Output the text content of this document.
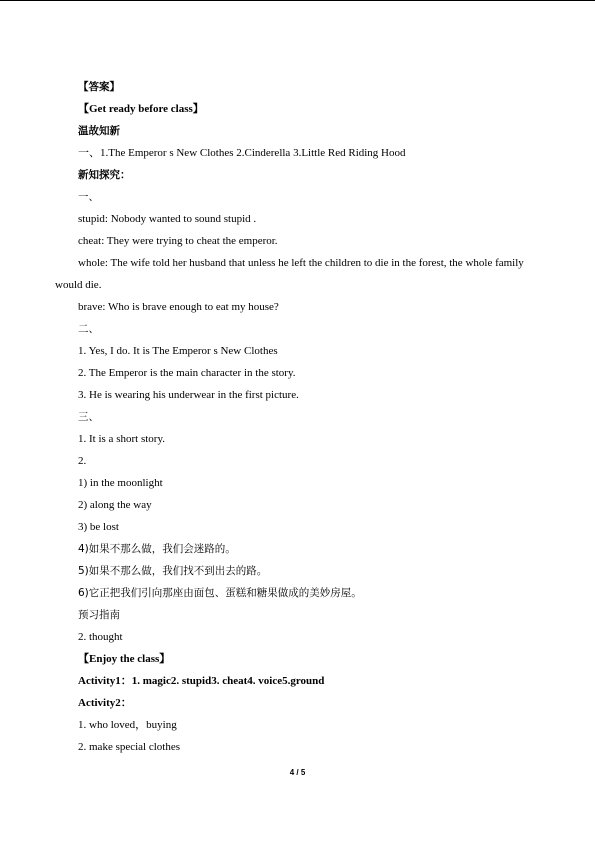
【答案】
【Get ready before class】
温故知新
一、1.The Emperor s New Clothes 2.Cinderella 3.Little Red Riding Hood
新知探究：
一、
stupid: Nobody wanted to sound stupid .
cheat: They were trying to cheat the emperor.
whole: The wife told her husband that unless he left the children to die in the forest, the whole family would die.
brave: Who is brave enough to eat my house?
二、
1. Yes, I do. It is The Emperor s New Clothes
2. The Emperor is the main character in the story.
3. He is wearing his underwear in the first picture.
三、
1. It is a short story.
2.
1) in the moonlight
2) along the way
3) be lost
4)如果不那么做，我们会迷路的。
5)如果不那么做，我们找不到出去的路。
6)它正把我们引向那座由面包、蛋糕和糖果做成的美妙房屋。
预习指南
2. thought
【Enjoy the class】
Activity1：1. magic2. stupid3. cheat4. voice5.ground
Activity2：
1. who loved，buying
2. make special clothes
4 / 5
